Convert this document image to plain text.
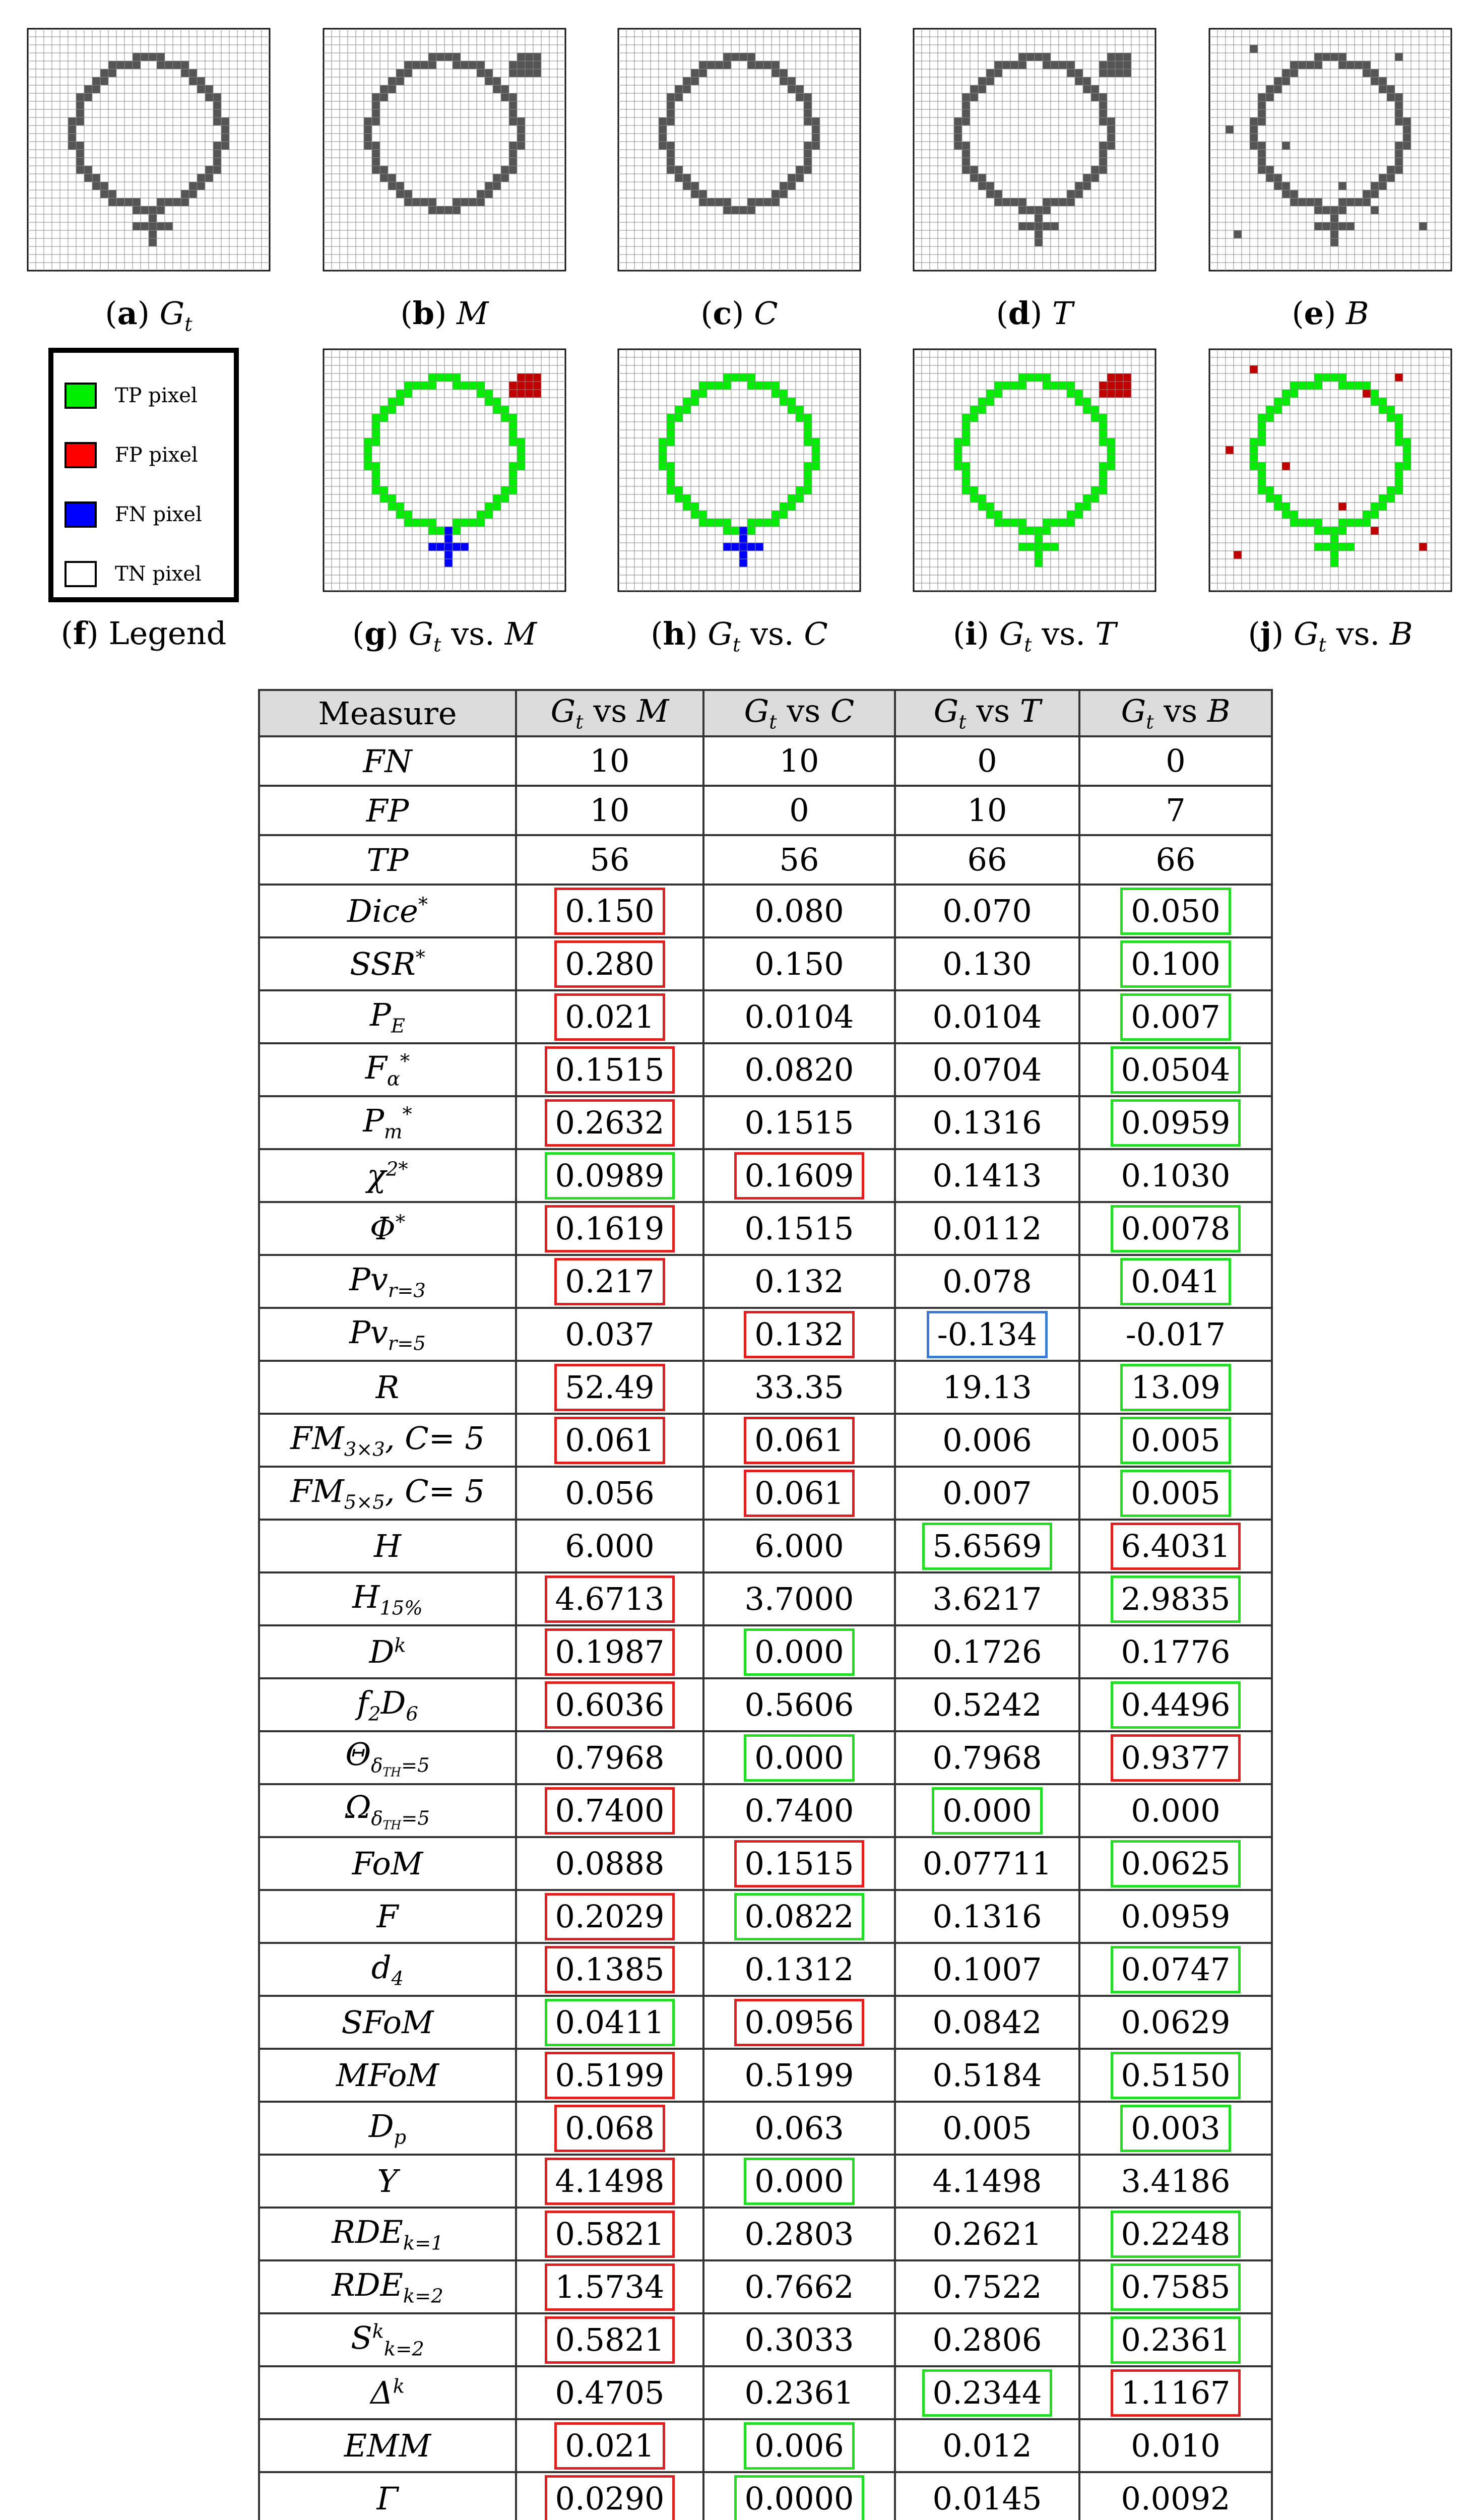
(a) $G_t$	(b) M	(c) C	(d) T	(e) B
TP pixel
FP pixel
FN pixel
TN pixel
(f) Legend	(g) $G_t$ vs. M	(h) $G_t$ vs. C	(i) $G_t$ vs. T	(j) $G_t$ vs. B
Measure	$G_t$ vs M	$G_t$ vs C	$G_t$ vs T	$G_t$ vs B
FN	10	10	0	0
FP	10	0	10	7
TP	56	56	66	66
Dice*	0.150	0.080	0.070	0.050
SSR*	0.280	0.150	0.130	0.100
$P_E$	0.021	0.0104	0.0104	0.007
$F_\alpha^*$	0.1515	0.0820	0.0704	0.0504
$P_m^*$	0.2632	0.1515	0.1316	0.0959
$\chi^{2*}$	0.0989	0.1609	0.1413	0.1030
Φ*	0.1619	0.1515	0.0112	0.0078
$Pv_{r=3}$	0.217	0.132	0.078	0.041
$Pv_{r=5}$	0.037	0.132	-0.134	-0.017
R	52.49	33.35	19.13	13.09
$FM_{3\times 3}$, C= 5	0.061	0.061	0.006	0.005
$FM_{5\times 5}$, C= 5	0.056	0.061	0.007	0.005
H	6.000	6.000	5.6569	6.4031
$H_{15\%}$	4.6713	3.7000	3.6217	2.9835
$D^k$	0.1987	0.000	0.1726	0.1776
$f_2D_6$	0.6036	0.5606	0.5242	0.4496
$\Theta_{\delta_{TH}=5}$	0.7968	0.000	0.7968	0.9377
$\Omega_{\delta_{TH}=5}$	0.7400	0.7400	0.000	0.000
FoM	0.0888	0.1515	0.07711	0.0625
F	0.2029	0.0822	0.1316	0.0959
$d_4$	0.1385	0.1312	0.1007	0.0747
SFoM	0.0411	0.0956	0.0842	0.0629
MFoM	0.5199	0.5199	0.5184	0.5150
$D_p$	0.068	0.063	0.005	0.003
Υ	4.1498	0.000	4.1498	3.4186
$RDE_{k=1}$	0.5821	0.2803	0.2621	0.2248
$RDE_{k=2}$	1.5734	0.7662	0.7522	0.7585
$S^k_{k=2}$	0.5821	0.3033	0.2806	0.2361
$\Delta^k$	0.4705	0.2361	0.2344	1.1167
EMM	0.021	0.006	0.012	0.010
Γ	0.0290	0.0000	0.0145	0.0092
